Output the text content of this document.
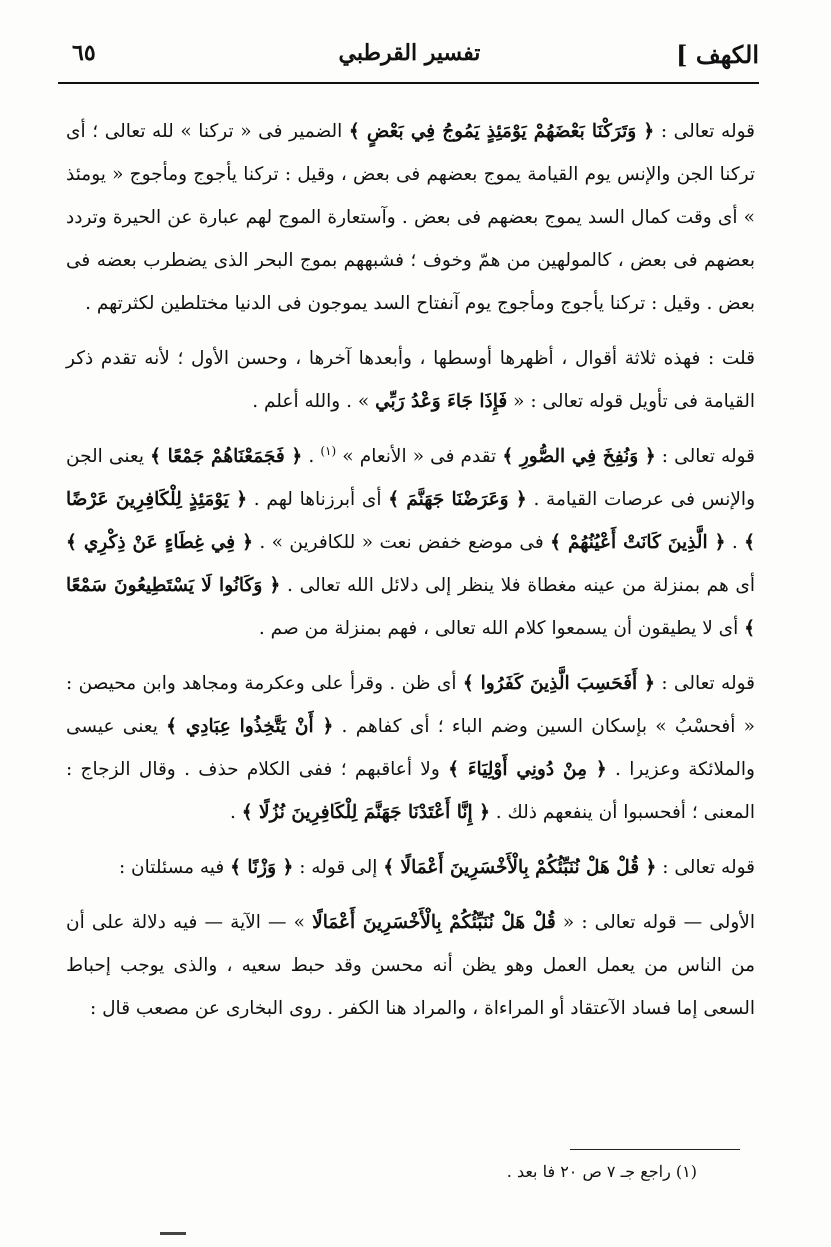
الكهف ]
تفسير القرطبي
٦٥

قوله تعالى : ﴿ وَتَرَكْنَا بَعْضَهُمْ يَوْمَئِذٍ يَمُوجُ فِي بَعْضٍ ﴾ الضمير فى « تركنا » لله تعالى ؛ أى تركنا الجن والإنس يوم القيامة يموج بعضهم فى بعض ، وقيل : تركنا يأجوج ومأجوج « يومئذ » أى وقت كمال السد يموج بعضهم فى بعض . وآستعارة الموج لهم عبارة عن الحيرة وتردد بعضهم فى بعض ، كالمولهين من همّ وخوف ؛ فشبههم بموج البحر الذى يضطرب بعضه فى بعض . وقيل : تركنا يأجوج ومأجوج يوم آنفتاح السد يموجون فى الدنيا مختلطين لكثرتهم .

قلت : فهذه ثلاثة أقوال ، أظهرها أوسطها ، وأبعدها آخرها ، وحسن الأول ؛ لأنه تقدم ذكر القيامة فى تأويل قوله تعالى : « فَإِذَا جَاءَ وَعْدُ رَبِّي » . والله أعلم .

قوله تعالى : ﴿ وَنُفِخَ فِي الصُّورِ ﴾ تقدم فى « الأنعام » $^{(١)}$ . ﴿ فَجَمَعْنَاهُمْ جَمْعًا ﴾ يعنى الجن والإنس فى عرصات القيامة . ﴿ وَعَرَضْنَا جَهَنَّمَ ﴾ أى أبرزناها لهم . ﴿ يَوْمَئِذٍ لِلْكَافِرِينَ عَرْضًا ﴾ . ﴿ الَّذِينَ كَانَتْ أَعْيُنُهُمْ ﴾ فى موضع خفض نعت « للكافرين » . ﴿ فِي غِطَاءٍ عَنْ ذِكْرِي ﴾ أى هم بمنزلة من عينه مغطاة فلا ينظر إلى دلائل الله تعالى . ﴿ وَكَانُوا لَا يَسْتَطِيعُونَ سَمْعًا ﴾ أى لا يطيقون أن يسمعوا كلام الله تعالى ، فهم بمنزلة من صم .

قوله تعالى : ﴿ أَفَحَسِبَ الَّذِينَ كَفَرُوا ﴾ أى ظن . وقرأ على وعكرمة ومجاهد وابن محيصن : « أفحسْبُ » بإسكان السين وضم الباء ؛ أى كفاهم . ﴿ أَنْ يَتَّخِذُوا عِبَادِي ﴾ يعنى عيسى والملائكة وعزيرا . ﴿ مِنْ دُونِي أَوْلِيَاءَ ﴾ ولا أعاقبهم ؛ ففى الكلام حذف . وقال الزجاج : المعنى ؛ أفحسبوا أن ينفعهم ذلك . ﴿ إِنَّا أَعْتَدْنَا جَهَنَّمَ لِلْكَافِرِينَ نُزُلًا ﴾ .

قوله تعالى : ﴿ قُلْ هَلْ نُنَبِّئُكُمْ بِالْأَخْسَرِينَ أَعْمَالًا ﴾ إلى قوله : ﴿ وَزْنًا ﴾ فيه مسئلتان :

الأولى — قوله تعالى : « قُلْ هَلْ نُنَبِّئُكُمْ بِالْأَخْسَرِينَ أَعْمَالًا » — الآية — فيه دلالة على أن من الناس من يعمل العمل وهو يظن أنه محسن وقد حبط سعيه ، والذى يوجب إحباط السعى إما فساد الآعتقاد أو المراءاة ، والمراد هنا الكفر . روى البخارى عن مصعب قال :

(١) راجع جـ ٧ ص ٢٠ فا بعد .
